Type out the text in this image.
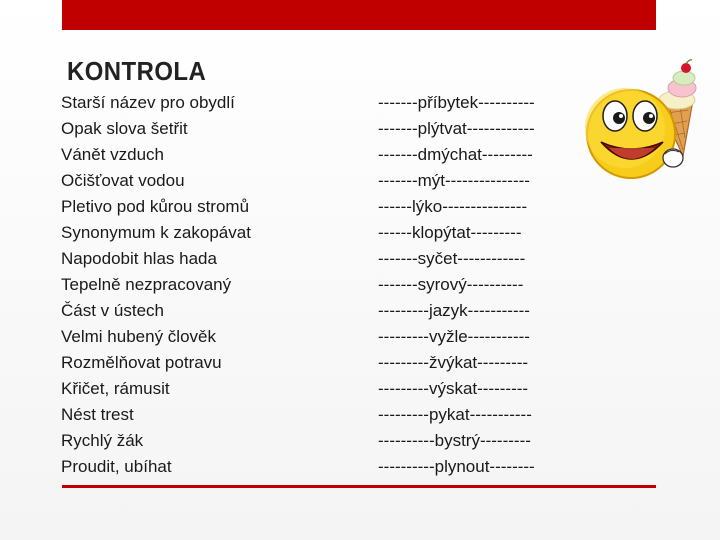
KONTROLA
Starší název pro obydlí
Opak slova šetřit
Vánět vzduch
Očišťovat vodou
Pletivo pod kůrou stromů
Synonymum k zakopávat
Napodobit hlas hada
Tepelně nezpracovaný
Část v ústech
Velmi hubený člověk
Rozmělňovat potravu
Křičet, rámusit
Nést trest
Rychlý žák
Proudit, ubíhat
-------příbytek----------
-------plýtvat------------
-------dmýchat---------
-------mýt---------------
------lýko---------------
------klopýtat---------
-------syčet------------
-------syrový----------
---------jazyk-----------
---------vyžle-----------
---------žvýkat---------
---------výskat---------
---------pykat-----------
----------bystrý---------
----------plynout--------
